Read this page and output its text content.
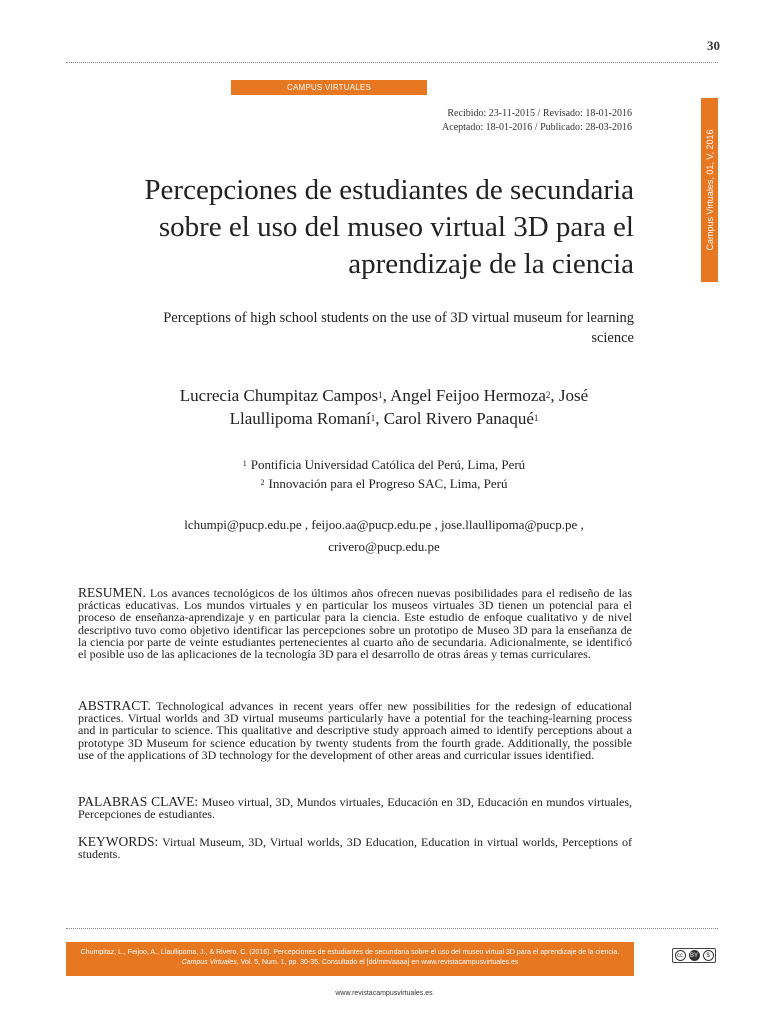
30
CAMPUS VIRTUALES
Recibido: 23-11-2015 / Revisado: 18-01-2016
Aceptado: 18-01-2016 / Publicado: 28-03-2016
Campus Virtuales, 01, V, 2016
Percepciones de estudiantes de secundaria
sobre el uso del museo virtual 3D para el
aprendizaje de la ciencia
Perceptions of high school students on the use of 3D virtual museum for learning
science
Lucrecia Chumpitaz Campos$^1$, Angel Feijoo Hermoza$^2$, José
Llaullipoma Romaní$^1$, Carol Rivero Panaqué$^1$
$^1$ Pontificia Universidad Católica del Perú, Lima, Perú
$^2$ Innovación para el Progreso SAC, Lima, Perú
lchumpi@pucp.edu.pe , feijoo.aa@pucp.edu.pe , jose.llaullipoma@pucp.pe ,
crivero@pucp.edu.pe
RESUMEN. Los avances tecnológicos de los últimos años ofrecen nuevas posibilidades para el rediseño de las prácticas educativas. Los mundos virtuales y en particular los museos virtuales 3D tienen un potencial para el proceso de enseñanza-aprendizaje y en particular para la ciencia. Este estudio de enfoque cualitativo y de nivel descriptivo tuvo como objetivo identificar las percepciones sobre un prototipo de Museo 3D para la enseñanza de la ciencia por parte de veinte estudiantes pertenecientes al cuarto año de secundaria. Adicionalmente, se identificó el posible uso de las aplicaciones de la tecnología 3D para el desarrollo de otras áreas y temas curriculares.
ABSTRACT. Technological advances in recent years offer new possibilities for the redesign of educational practices. Virtual worlds and 3D virtual museums particularly have a potential for the teaching-learning process and in particular to science. This qualitative and descriptive study approach aimed to identify perceptions about a prototype 3D Museum for science education by twenty students from the fourth grade. Additionally, the possible use of the applications of 3D technology for the development of other areas and curricular issues identified.
PALABRAS CLAVE: Museo virtual, 3D, Mundos virtuales, Educación en 3D, Educación en mundos virtuales, Percepciones de estudiantes.
KEYWORDS: Virtual Museum, 3D, Virtual worlds, 3D Education, Education in virtual worlds, Perceptions of students.
Chumpitaz, L., Feijoo, A., Llaullipoma, J., & Rivero, C. (2016). Percepciones de estudiantes de secundaria sobre el uso del museo virtual 3D para el aprendizaje de la ciencia. Campus Virtuales, Vol. 5, Num. 1, pp. 30-35. Consultado el [dd/mm/aaaa] en www.revistacampusvirtuales.es
cc	BY	$
www.revistacampusvirtuales.es
